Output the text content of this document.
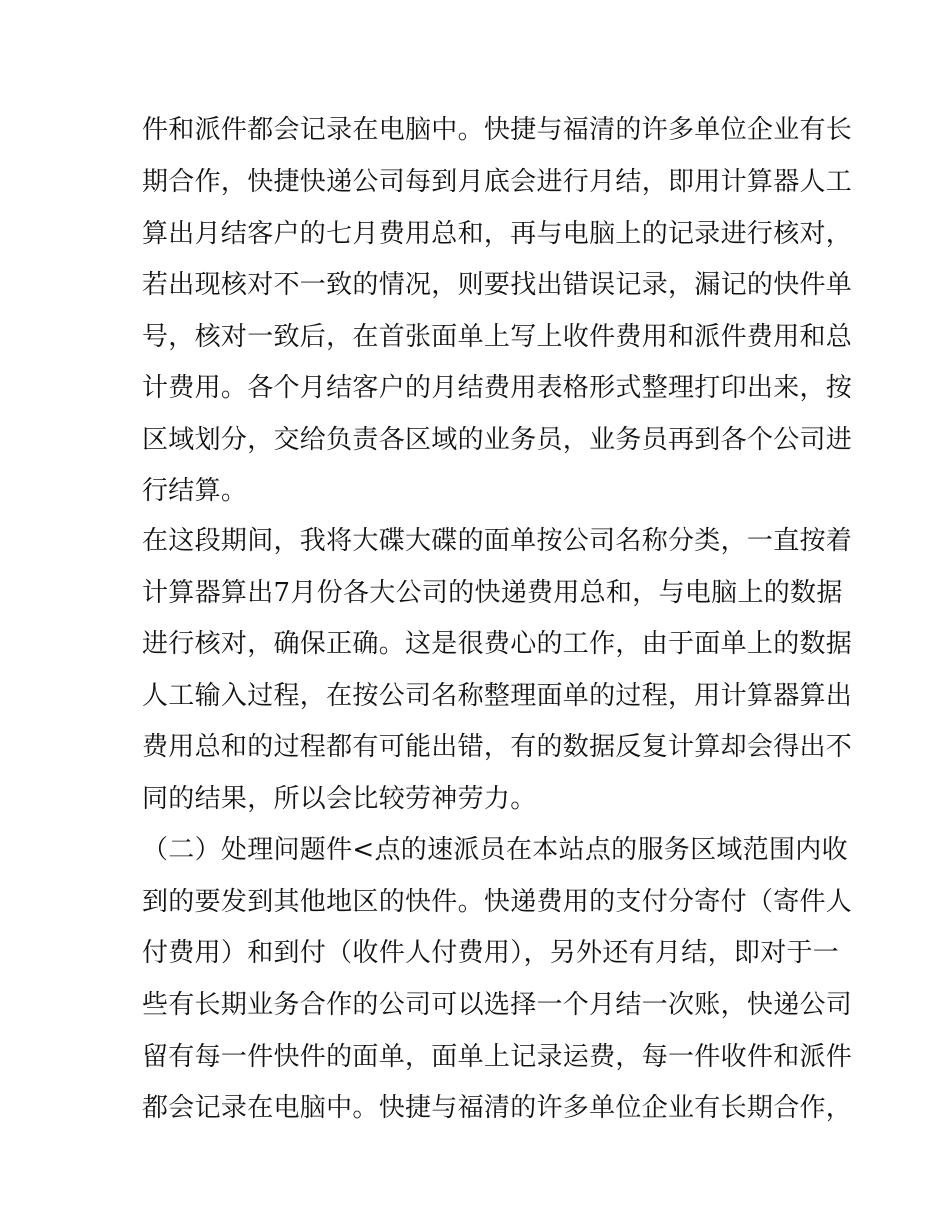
件和派件都会记录在电脑中。快捷与福清的许多单位企业有长
期合作，快捷快递公司每到月底会进行月结，即用计算器人工
算出月结客户的七月费用总和，再与电脑上的记录进行核对，
若出现核对不一致的情况，则要找出错误记录，漏记的快件单
号，核对一致后，在首张面单上写上收件费用和派件费用和总
计费用。各个月结客户的月结费用表格形式整理打印出来，按
区域划分，交给负责各区域的业务员，业务员再到各个公司进
行结算。
在这段期间，我将大碟大碟的面单按公司名称分类，一直按着
计算器算出7月份各大公司的快递费用总和，与电脑上的数据
进行核对，确保正确。这是很费心的工作，由于面单上的数据
人工输入过程，在按公司名称整理面单的过程，用计算器算出
费用总和的过程都有可能出错，有的数据反复计算却会得出不
同的结果，所以会比较劳神劳力。
（二）处理问题件<点的速派员在本站点的服务区域范围内收
到的要发到其他地区的快件。快递费用的支付分寄付（寄件人
付费用）和到付（收件人付费用），另外还有月结，即对于一
些有长期业务合作的公司可以选择一个月结一次账，快递公司
留有每一件快件的面单，面单上记录运费，每一件收件和派件
都会记录在电脑中。快捷与福清的许多单位企业有长期合作，
